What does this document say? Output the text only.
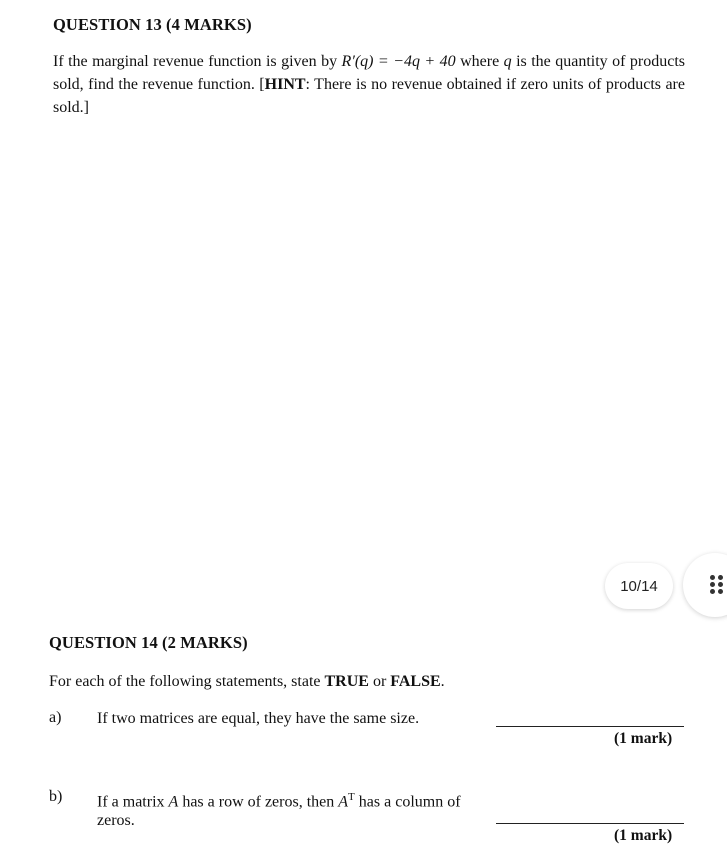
QUESTION 13 (4 MARKS)
If the marginal revenue function is given by R′(q) = −4q + 40 where q is the quantity of products sold, find the revenue function. [HINT: There is no revenue obtained if zero units of products are sold.]
10/14
QUESTION 14 (2 MARKS)
For each of the following statements, state TRUE or FALSE.
a) If two matrices are equal, they have the same size.
(1 mark)
b) If a matrix A has a row of zeros, then $A^T$ has a column of zeros.
(1 mark)
